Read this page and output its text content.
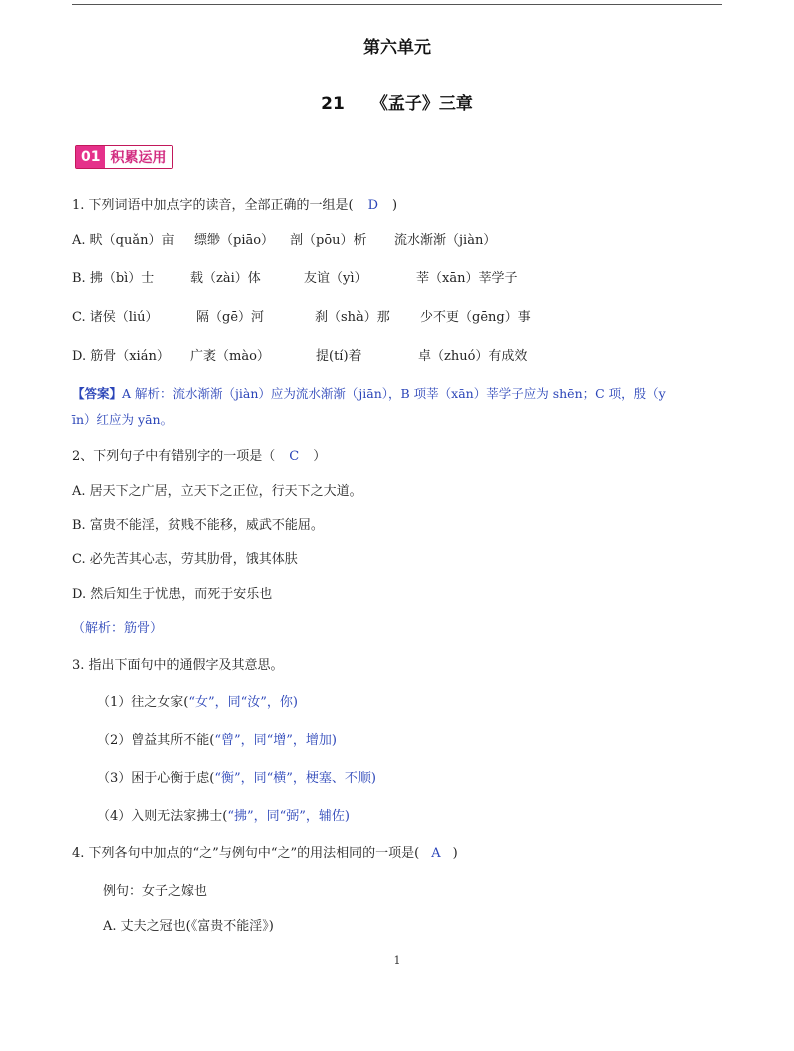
第六单元
21 《孟子》三章
01 积累运用
1. 下列词语中加点字的读音，全部正确的一组是( D )
A. 畎（quǎn）亩 缥缈（piāo） 剖（pōu）析 流水渐渐（jiàn）
B. 拂（bì）士	载（zài）体	友谊（yì）	莘（xān）莘学子
C. 诸侯（liú）	隔（gē）河	刹（shà）那 少不更（gēng）事
D. 筋骨（xián） 广袤（mào）	提(tí)着	卓（zhuó）有成效
【答案】A 解析：流水渐渐（jiàn）应为流水渐渐（jiān），B 项莘（xān）莘学子应为 shēn；C 项，殷（y
īn）红应为 yān。
2、下列句子中有错别字的一项是（ C ）
A. 居天下之广居，立天下之正位，行天下之大道。
B. 富贵不能淫，贫贱不能移，威武不能屈。
C. 必先苦其心志，劳其肋骨，饿其体肤
D. 然后知生于忧患，而死于安乐也
（解析：筋骨）
3. 指出下面句中的通假字及其意思。
（1）往之女家(“女”，同“汝”，你)
（2）曾益其所不能(“曾”，同“增”，增加)
（3）困于心衡于虑(“衡”，同“横”，梗塞、不顺)
（4）入则无法家拂士(“拂”，同“弼”，辅佐)
4. 下列各句中加点的“之”与例句中“之”的用法相同的一项是( A )
例句：女子之嫁也
A. 丈夫之冠也(《富贵不能淫》)
1
